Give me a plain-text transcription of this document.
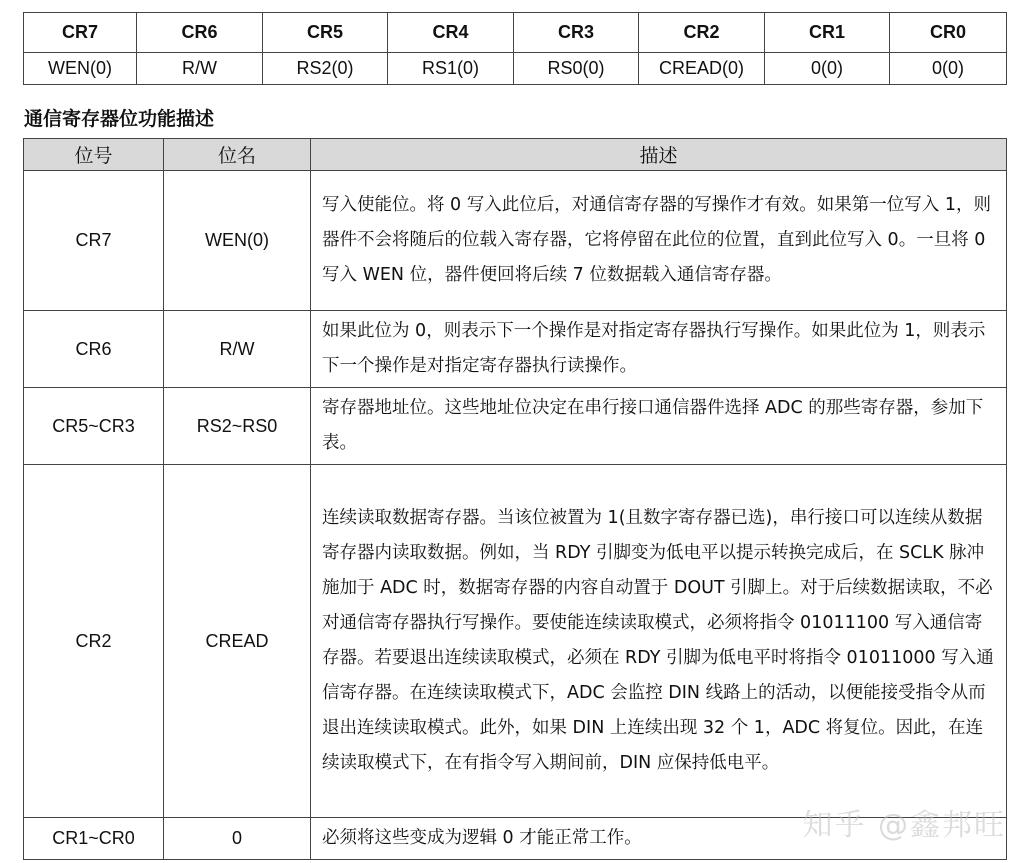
CR7	CR6	CR5	CR4	CR3	CR2	CR1	CR0
WEN(0)	R/W	RS2(0)	RS1(0)	RS0(0)	CREAD(0)	0(0)	0(0)
通信寄存器位功能描述
位号	位名	描述
CR7	WEN(0)	写入使能位。将 0 写入此位后，对通信寄存器的写操作才有效。如果第一位写入 1，则器件不会将随后的位载入寄存器，它将停留在此位的位置，直到此位写入 0。一旦将 0 写入 WEN 位，器件便回将后续 7 位数据载入通信寄存器。
CR6	R/W	如果此位为 0，则表示下一个操作是对指定寄存器执行写操作。如果此位为 1，则表示下一个操作是对指定寄存器执行读操作。
CR5~CR3	RS2~RS0	寄存器地址位。这些地址位决定在串行接口通信器件选择 ADC 的那些寄存器，参加下表。
CR2	CREAD	连续读取数据寄存器。当该位被置为 1(且数字寄存器已选)，串行接口可以连续从数据寄存器内读取数据。例如，当 RDY 引脚变为低电平以提示转换完成后，在 SCLK 脉冲施加于 ADC 时，数据寄存器的内容自动置于 DOUT 引脚上。对于后续数据读取，不必对通信寄存器执行写操作。要使能连续读取模式，必须将指令 01011100 写入通信寄存器。若要退出连续读取模式，必须在 RDY 引脚为低电平时将指令 01011000 写入通信寄存器。在连续读取模式下，ADC 会监控 DIN 线路上的活动，以便能接受指令从而退出连续读取模式。此外，如果 DIN 上连续出现 32 个 1，ADC 将复位。因此，在连续读取模式下，在有指令写入期间前，DIN 应保持低电平。
CR1~CR0	0	必须将这些变成为逻辑 0 才能正常工作。	知乎 @鑫邦旺
